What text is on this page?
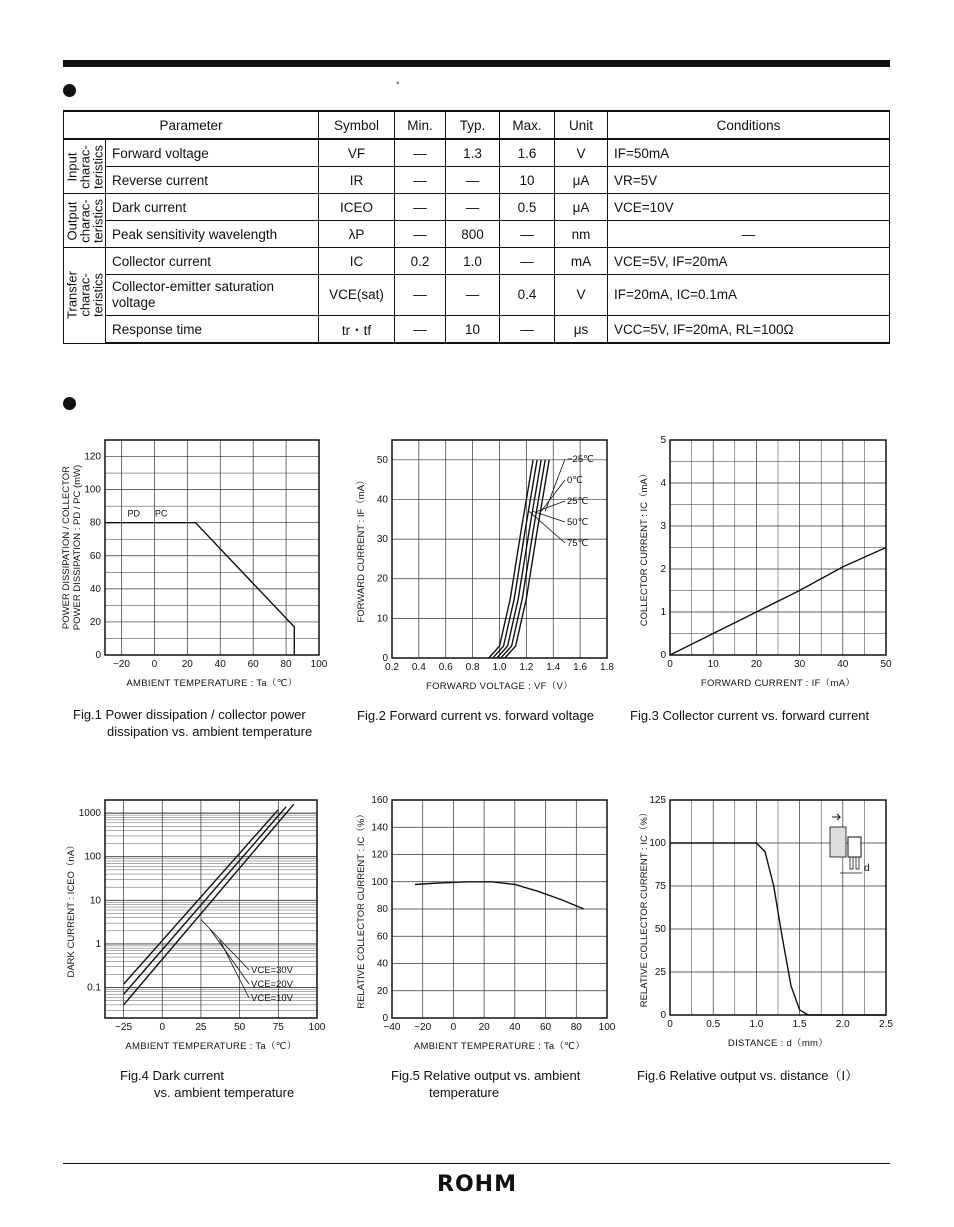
°
Parameter		Symbol	Min.	Typ.	Max.	Unit	Conditions

Input
charac-
teristics	Forward voltage	VF	—	1.3	1.6	V	IF=50mA
	Reverse current	IR	—	—	10	μA	VR=5V

Output
charac-
teristics	Dark current	ICEO	—	—	0.5	μA	VCE=10V
	Peak sensitivity wavelength	λP	—	800	—	nm	—

Transfer
charac-
teristics	Collector current	IC	0.2	1.0	—	mA	VCE=5V, IF=20mA
	Collector-emitter saturation voltage	VCE(sat)	—	—	0.4	V	IF=20mA, IC=0.1mA
	Response time	tr・tf	—	10	—	μs	VCC=5V, IF=20mA, RL=100Ω
−20 0 20 40 60 80 100
0
20
40
60
80
100
120
AMBIENT TEMPERATURE : Ta（℃）
POWER DISSIPATION / COLLECTOR POWER DISSIPATION : PD / PC (mW)	PD PC
0.2 0.4 0.6 0.8 1.0 1.2 1.4 1.6 1.8
0
10
20
30
40
50
FORWARD VOLTAGE : VF（V）
FORWARD CURRENT : IF（mA）
−25℃
0℃
25℃
50℃
75℃
0	10	20	30	40	50
0
1
2
3
4
5
FORWARD CURRENT : IF（mA）
COLLECTOR CURRENT : IC（mA）
−25	0	25	50	75 100
0.1
1
10
100
1000
AMBIENT TEMPERATURE : Ta（℃）
DARK CURRENT : ICEO（nA）	VCE=30V
VCE=20V
VCE=10V
−40 −20 0 20 40 60 80 100
0
20
40
60
80
100
120
140
160
AMBIENT TEMPERATURE : Ta（℃）
RELATIVE COLLECTOR CURRENT : IC（%）
0	0.5	1.0	1.5	2.0	2.5
0
25
50
75
100
125
DISTANCE : d（mm）
RELATIVE COLLECTOR CURRENT : IC（%）	d
Fig.1 Power dissipation / collector power
dissipation vs. ambient temperature
Fig.2 Forward current vs. forward voltage	Fig.3 Collector current vs. forward current
Fig.4 Dark current
vs. ambient temperature
Fig.5 Relative output vs. ambient
temperature
Fig.6 Relative output vs. distance（I）
ROHM
